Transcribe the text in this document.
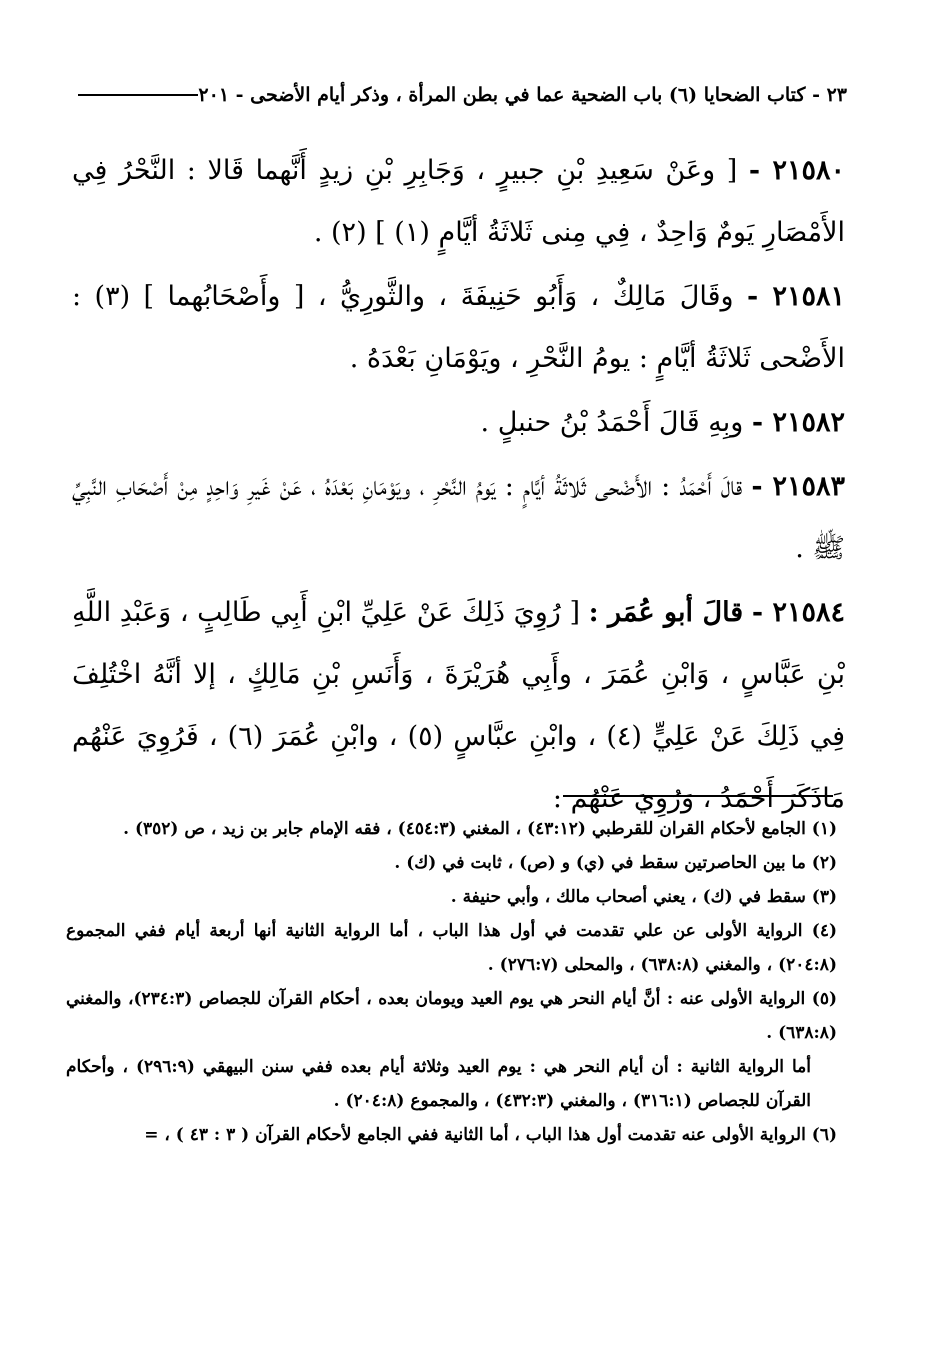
٢٣ - كتاب الضحايا (٦) باب الضحية عما في بطن المرأة ، وذكر أيام الأضحى - ٢٠١

٢١٥٨٠ - [ وعَنْ سَعِيدِ بْنِ جبيرٍ ، وَجَابِرِ بْنِ زيدٍ أَنَّهما قَالا : النَّحْرُ فِي الأَمْصَارِ يَومٌ وَاحِدٌ ، فِي مِنى ثَلاثَةُ أيَّامٍ (١) ] (٢) .

٢١٥٨١ - وقَالَ مَالِكٌ ، وَأَبُو حَنِيفَةَ ، والثَّورِيُّ ، [ وأَصْحَابُهما ] (٣) : الأَضْحى ثَلاثَةُ أيَّامٍ : يومُ النَّحْرِ ، ويَوْمَانِ بَعْدَهُ .

٢١٥٨٢ - وبِهِ قَالَ أَحْمَدُ بْنُ حنبلٍ .

٢١٥٨٣ - قالَ أَحْمَدُ : الأَضْحى ثَلاثَةُ أيَّامٍ : يَومُ النَّحْرِ ، ويَوْمَانِ بَعْدَهُ ، عَنْ غَيرِ وَاحِدٍ مِنْ أَصْحَابِ النَّبِيِّ ﷺ .

٢١٥٨٤ - قالَ أبو عُمَر : [ رُوِيَ ذَلِكَ عَنْ عَلِيِّ ابْنِ أَبِي طَالِبٍ ، وَعَبْدِ اللَّهِ بْنِ عَبَّاسٍ ، وَابْنِ عُمَرَ ، وأَبِي هُرَيْرَةَ ، وَأَنَسِ بْنِ مَالِكٍ ، إلا أنَّهُ اخْتُلِفَ فِي ذَلِكَ عَنْ عَلِيٍّ (٤) ، وابْنِ عبَّاسٍ (٥) ، وابْنِ عُمَرَ (٦) ، فَرُوِيَ عَنْهُم مَاذَكَرَ أَحْمَدُ ، وَرُوِيَ عَنْهُم :

(١) الجامع لأحكام القران للقرطبي (٤٣:١٢) ، المغني (٤٥٤:٣) ، فقه الإمام جابر بن زيد ، ص (٣٥٢) .

(٢) ما بين الحاصرتين سقط في (ي) و (ص) ، ثابت في (ك) .

(٣) سقط في (ك) ، يعني أصحاب مالك ، وأبي حنيفة .

(٤) الرواية الأولى عن علي تقدمت في أول هذا الباب ، أما الرواية الثانية أنها أربعة أيام ففي المجموع (٢٠٤:٨) ، والمغني (٦٣٨:٨) ، والمحلى (٢٧٦:٧) .

(٥) الرواية الأولى عنه : أنَّ أيام النحر هي يوم العيد ويومان بعده ، أحكام القرآن للجصاص (٢٣٤:٣)، والمغني (٦٣٨:٨) .

أما الرواية الثانية : أن أيام النحر هي : يوم العيد وثلاثة أيام بعده ففي سنن البيهقي (٢٩٦:٩) ، وأحكام القرآن للجصاص (٣١٦:١) ، والمغني (٤٣٢:٣) ، والمجموع (٢٠٤:٨) .

(٦) الرواية الأولى عنه تقدمت أول هذا الباب ، أما الثانية ففي الجامع لأحكام القرآن ( ٣ : ٤٣ ) ، =
